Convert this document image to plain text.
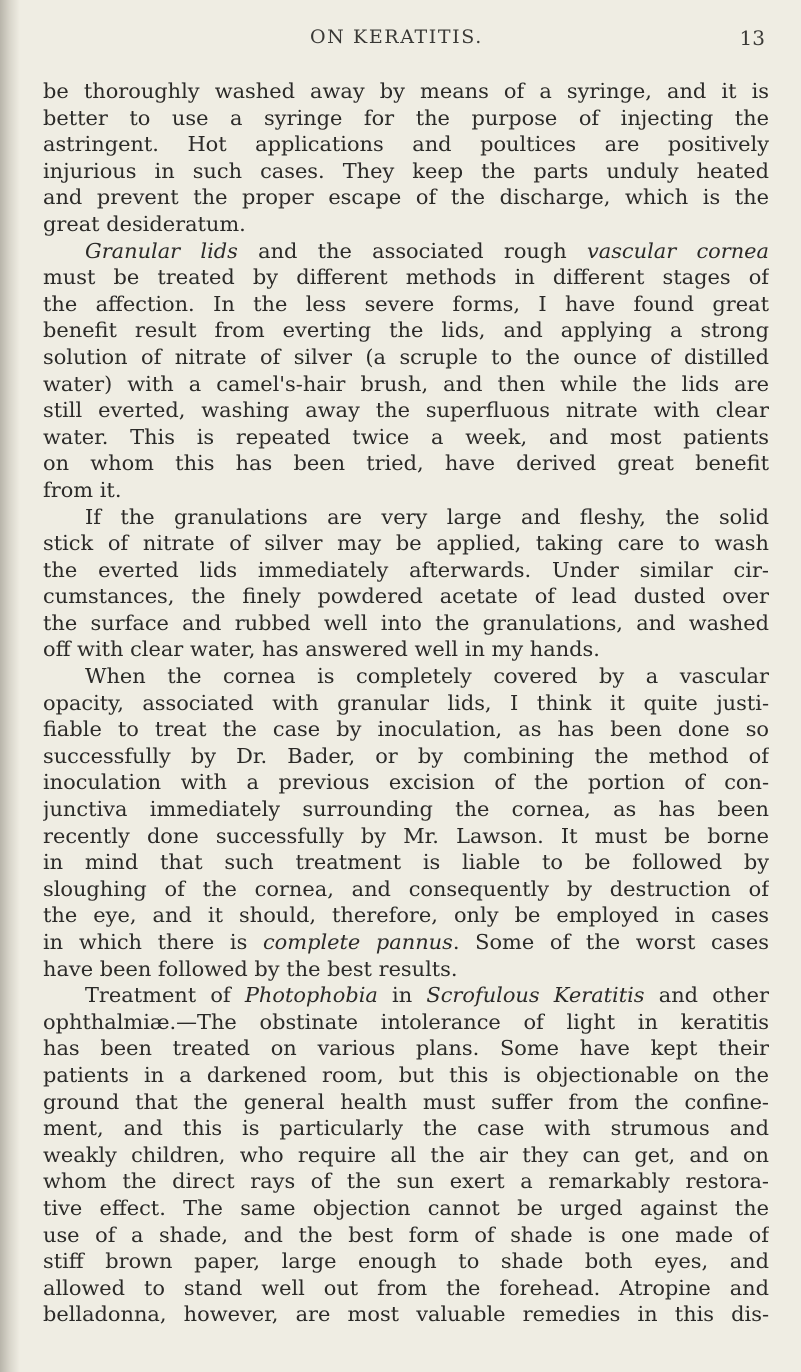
ON KERATITIS.	13
be thoroughly washed away by means of a syringe, and it is
better to use a syringe for the purpose of injecting the
astringent. Hot applications and poultices are positively
injurious in such cases. They keep the parts unduly heated
and prevent the proper escape of the discharge, which is the
great desideratum.
Granular lids and the associated rough vascular cornea
must be treated by different methods in different stages of
the affection. In the less severe forms, I have found great
benefit result from everting the lids, and applying a strong
solution of nitrate of silver (a scruple to the ounce of distilled
water) with a camel's-hair brush, and then while the lids are
still everted, washing away the superfluous nitrate with clear
water. This is repeated twice a week, and most patients
on whom this has been tried, have derived great benefit
from it.
If the granulations are very large and fleshy, the solid
stick of nitrate of silver may be applied, taking care to wash
the everted lids immediately afterwards. Under similar cir-
cumstances, the finely powdered acetate of lead dusted over
the surface and rubbed well into the granulations, and washed
off with clear water, has answered well in my hands.
When the cornea is completely covered by a vascular
opacity, associated with granular lids, I think it quite justi-
fiable to treat the case by inoculation, as has been done so
successfully by Dr. Bader, or by combining the method of
inoculation with a previous excision of the portion of con-
junctiva immediately surrounding the cornea, as has been
recently done successfully by Mr. Lawson. It must be borne
in mind that such treatment is liable to be followed by
sloughing of the cornea, and consequently by destruction of
the eye, and it should, therefore, only be employed in cases
in which there is complete pannus. Some of the worst cases
have been followed by the best results.
Treatment of Photophobia in Scrofulous Keratitis and other
ophthalmiæ.—The obstinate intolerance of light in keratitis
has been treated on various plans. Some have kept their
patients in a darkened room, but this is objectionable on the
ground that the general health must suffer from the confine-
ment, and this is particularly the case with strumous and
weakly children, who require all the air they can get, and on
whom the direct rays of the sun exert a remarkably restora-
tive effect. The same objection cannot be urged against the
use of a shade, and the best form of shade is one made of
stiff brown paper, large enough to shade both eyes, and
allowed to stand well out from the forehead. Atropine and
belladonna, however, are most valuable remedies in this dis-
